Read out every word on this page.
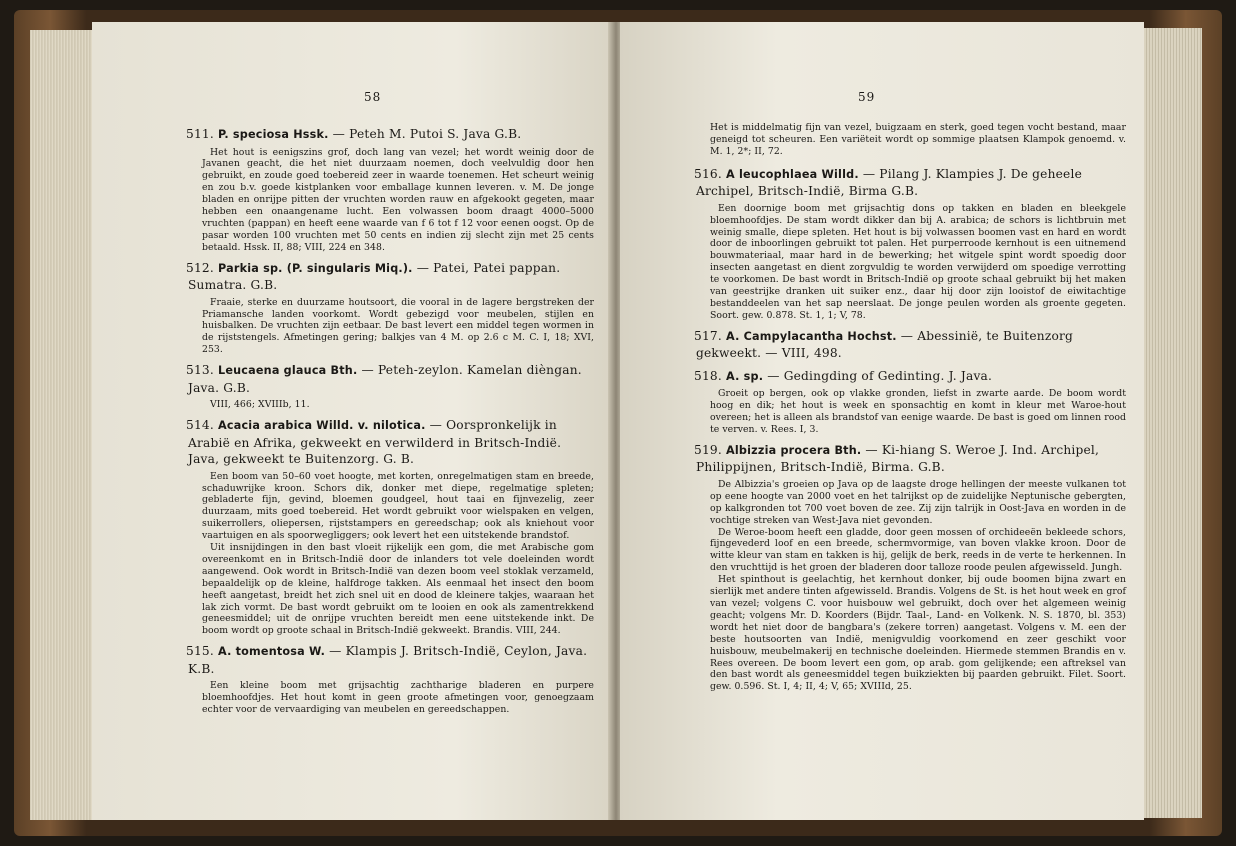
58
511. P. speciosa Hssk. — Peteh M. Putoi S. Java G.B.

Het hout is eenigszins grof, doch lang van vezel; het wordt weinig door de Javanen geacht, die het niet duurzaam noemen, doch veelvuldig door hen gebruikt, en zoude goed toebereid zeer in waarde toenemen. Het scheurt weinig en zou b.v. goede kistplanken voor emballage kunnen leveren. v. M. De jonge bladen en onrijpe pitten der vruchten worden rauw en afgekookt gegeten, maar hebben een onaangename lucht. Een volwassen boom draagt 4000–5000 vruchten (pappan) en heeft eene waarde van f 6 tot f 12 voor eenen oogst. Op de pasar worden 100 vruchten met 50 cents en indien zij slecht zijn met 25 cents betaald. Hssk. II, 88; VIII, 224 en 348.

512. Parkia sp. (P. singularis Miq.). — Patei, Patei pappan. Sumatra. G.B.

Fraaie, sterke en duurzame houtsoort, die vooral in de lagere bergstreken der Priamansche landen voorkomt. Wordt gebezigd voor meubelen, stijlen en huisbalken. De vruchten zijn eetbaar. De bast levert een middel tegen wormen in de rijststengels. Afmetingen gering; balkjes van 4 M. op 2.6 c M. C. I, 18; XVI, 253.

513. Leucaena glauca Bth. — Peteh-zeylon. Kamelan dièngan. Java. G.B.

VIII, 466; XVIIIb, 11.

514. Acacia arabica Willd. v. nilotica. — Oorspronkelijk in Arabië en Afrika, gekweekt en verwilderd in Britsch-Indië. Java, gekweekt te Buitenzorg. G. B.

Een boom van 50–60 voet hoogte, met korten, onregelmatigen stam en breede, schaduwrijke kroon. Schors dik, donker met diepe, regelmatige spleten; gebladerte fijn, gevind, bloemen goudgeel, hout taai en fijnvezelig, zeer duurzaam, mits goed toebereid. Het wordt gebruikt voor wielspaken en velgen, suikerrollers, oliepersen, rijststampers en gereedschap; ook als kniehout voor vaartuigen en als spoorwegliggers; ook levert het een uitstekende brandstof.

Uit insnijdingen in den bast vloeit rijkelijk een gom, die met Arabische gom overeenkomt en in Britsch-Indië door de inlanders tot vele doeleinden wordt aangewend. Ook wordt in Britsch-Indië van dezen boom veel stoklak verzameld, bepaaldelijk op de kleine, halfdroge takken. Als eenmaal het insect den boom heeft aangetast, breidt het zich snel uit en dood de kleinere takjes, waaraan het lak zich vormt. De bast wordt gebruikt om te looien en ook als zamentrekkend geneesmiddel; uit de onrijpe vruchten bereidt men eene uitstekende inkt. De boom wordt op groote schaal in Britsch-Indië gekweekt. Brandis. VIII, 244.

515. A. tomentosa W. — Klampis J. Britsch-Indië, Ceylon, Java. K.B.

Een kleine boom met grijsachtig zachtharige bladeren en purpere bloemhoofdjes. Het hout komt in geen groote afmetingen voor, genoegzaam echter voor de vervaardiging van meubelen en gereedschappen.

59

Het is middelmatig fijn van vezel, buigzaam en sterk, goed tegen vocht bestand, maar geneigd tot scheuren. Een variëteit wordt op sommige plaatsen Klampok genoemd. v. M. 1, 2*; II, 72.

516. A leucophlaea Willd. — Pilang J. Klampies J. De geheele Archipel, Britsch-Indië, Birma G.B.

Een doornige boom met grijsachtig dons op takken en bladen en bleekgele bloemhoofdjes. De stam wordt dikker dan bij A. arabica; de schors is lichtbruin met weinig smalle, diepe spleten. Het hout is bij volwassen boomen vast en hard en wordt door de inboorlingen gebruikt tot palen. Het purperroode kernhout is een uitnemend bouwmateriaal, maar hard in de bewerking; het witgele spint wordt spoedig door insecten aangetast en dient zorgvuldig te worden verwijderd om spoedige verrotting te voorkomen. De bast wordt in Britsch-Indië op groote schaal gebruikt bij het maken van geestrijke dranken uit suiker enz., daar hij door zijn looistof de eiwitachtige bestanddeelen van het sap neerslaat. De jonge peulen worden als groente gegeten. Soort. gew. 0.878. St. 1, 1; V, 78.

517. A. Campylacantha Hochst. — Abessinië, te Buitenzorg gekweekt. — VIII, 498.
518. A. sp. — Gedingding of Gedinting. J. Java.

Groeit op bergen, ook op vlakke gronden, liefst in zwarte aarde. De boom wordt hoog en dik; het hout is week en sponsachtig en komt in kleur met Waroe-hout overeen; het is alleen als brandstof van eenige waarde. De bast is goed om linnen rood te verven. v. Rees. I, 3.

519. Albizzia procera Bth. — Ki-hiang S. Weroe J. Ind. Archipel, Philippijnen, Britsch-Indië, Birma. G.B.

De Albizzia's groeien op Java op de laagste droge hellingen der meeste vulkanen tot op eene hoogte van 2000 voet en het talrijkst op de zuidelijke Neptunische gebergten, op kalkgronden tot 700 voet boven de zee. Zij zijn talrijk in Oost-Java en worden in de vochtige streken van West-Java niet gevonden.

De Weroe-boom heeft een gladde, door geen mossen of orchideeën bekleede schors, fijngevederd loof en een breede, schermvormige, van boven vlakke kroon. Door de witte kleur van stam en takken is hij, gelijk de berk, reeds in de verte te herkennen. In den vruchttijd is het groen der bladeren door talloze roode peulen afgewisseld. Jungh.

Het spinthout is geelachtig, het kernhout donker, bij oude boomen bijna zwart en sierlijk met andere tinten afgewisseld. Brandis. Volgens de St. is het hout week en grof van vezel; volgens C. voor huisbouw wel gebruikt, doch over het algemeen weinig geacht; volgens Mr. D. Koorders (Bijdr. Taal-, Land- en Volkenk. N. S. 1870, bl. 353) wordt het niet door de bangbara's (zekere torren) aangetast. Volgens v. M. een der beste houtsoorten van Indië, menigvuldig voorkomend en zeer geschikt voor huisbouw, meubelmakerij en technische doeleinden. Hiermede stemmen Brandis en v. Rees overeen. De boom levert een gom, op arab. gom gelijkende; een aftreksel van den bast wordt als geneesmiddel tegen buikziekten bij paarden gebruikt. Filet. Soort. gew. 0.596. St. I, 4; II, 4; V, 65; XVIIId, 25.
